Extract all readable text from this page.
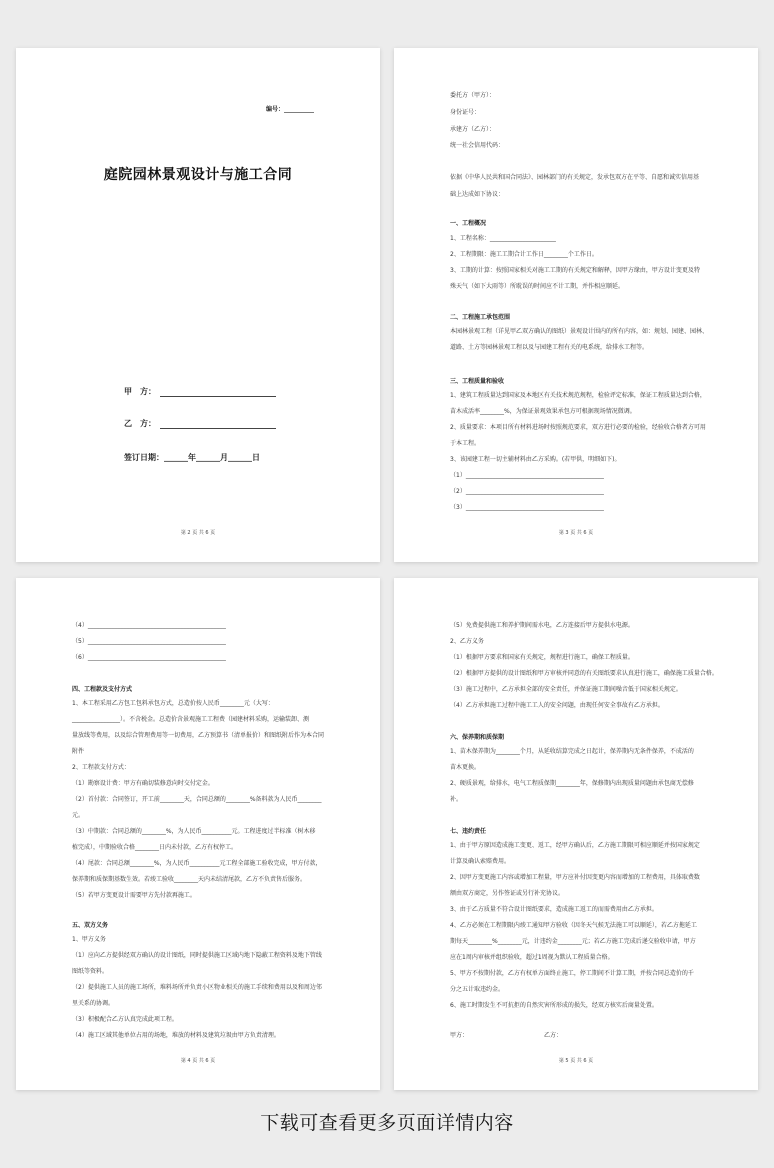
编号：__________
庭院园林景观设计与施工合同
甲　方：
乙　方：
签订日期：______年______月______日
第 2 页 共 6 页
委托方（甲方）：
身份证号：
承建方（乙方）：
统一社会信用代码：
依据《中华人民共和国合同法》、园林部门的有关规定，发承包双方在平等、自愿和诚实信用基
础上达成如下协议：
一、工程概况
1、工程名称：______________________
2、工程期限：施工工期合计工作日________个工作日。
3、工期的计算：按照国家相关对施工工期的有关规定和解释，因甲方缘由，甲方设计变更及特
殊天气（如下大雨等）所耽误的时间应不计工期，并作相应顺延。
二、工程施工承包范围
本园林景观工程（详见甲乙双方确认的图纸）景观设计围内的所有内容，如：规划、园建、园林、
道路、土方等园林景观工程以及与园建工程有关的电系统，给排水工程等。
三、工程质量和验收
1、建筑工程质量达到国家及本地区有关技术规范规程，检验评定标准，保证工程质量达到合格，
苗木成活率________%，为保证景观效果承包方可根据现场情况微调。
2、质量要求：本项目所有材料进场时按照规范要求，双方进行必要的检验，经验收合格者方可用
于本工程。
3、该园建工程一切主辅材料由乙方采购。(若甲供，明细如下)。
（1）______________________________________________
（2）______________________________________________
（3）______________________________________________
第 3 页 共 6 页
（4）______________________________________________
（5）______________________________________________
（6）______________________________________________
四、工程款及支付方式
1、本工程采用乙方包工包料承包方式，总造价按人民币________元（大写：
________________）。不含税金。总造价含景观施工工程费（园建材料采购，运输装卸、测
量放线等费用，以及综合管理费用等一切费用，乙方预算书（清单报价）和图纸附后作为本合同
附件
2、工程款支付方式：
（1）勘察设计费：甲方有确切装修意向时交付定金。
（2）首付款：合同签订，开工前________天，合同总额的________%备料款为人民币________
元。
（3）中期款：合同总额的________%，为人民币__________元。工程进度过半标准（树木移
植完成），中期验收合格________日内未付款，乙方有权停工。
（4）尾款：合同总额________%，为人民币__________元工程全部施工验收完成，甲方付款，
保养期和质保期基数生效。若竣工验收________天内未结清尾款，乙方不负责售后服务。
（5）若甲方变更设计需要甲方先付款再施工。
五、双方义务
1、甲方义务
（1）应向乙方提供经双方确认的设计图纸，同时提供施工区域内地下隐蔽工程资料及地下管线
图纸等资料。
（2）提供施工人员的施工场所，堆料场所并负责小区物业相关的施工手续和费用以及和周边邻
里关系的协调。
（3）积极配合乙方认真完成此项工程。
（4）施工区域其他单位占用的场地，堆放的材料及建筑垃圾由甲方负责清理。
第 4 页 共 6 页
（5）免费提供施工和养护期间需水电，乙方连接后甲方提供水电源。
2、乙方义务
（1）根据甲方要求和国家有关规定，规程进行施工，确保工程质量。
（2）根据甲方提供的设计图纸和甲方审核并同意的有关图纸要求认真进行施工，确保施工质量合格。
（3）施工过程中，乙方承担全部的安全责任，并保证施工期间噪音低于国家相关规定。
（4）乙方承担施工过程中施工工人的安全问题，由现任何安全事故有乙方承担。
六、保养期和质保期
1、苗木保养期为________个月，从延收结算完成之日起计，保养期内无条件保养，不成活的
苗木更换。
2、硬质景观，给排水，电气工程质保期________年，保修期内出现质量问题由承包商无偿修
补。
七、违约责任
1、由于甲方原因造成施工变更、返工，经甲方确认后，乙方施工期限可相应顺延并按国家规定
计算及确认索赔费用。
2、因甲方变更施工内容或增加工程量，甲方应补付因变更内容而增加的工程费用，具体取费数
额由双方商定，另作签证或另行补充协议。
3、由于乙方质量不符合设计图纸要求，造成施工返工的而需费用由乙方承担。
4、乙方必须在工程期限内竣工通知甲方验收（因冬天气候无法施工可以顺延），若乙方拖延工
期每天________%________元，计违约金________元；若乙方施工完成后递交验收申请，甲方
应在1周内审核并组织验收，超过1周视为默认工程质量合格。
5、甲方不按期付款，乙方有权单方面终止施工，停工期间不计算工期，并按合同总造价的千
分之五计取违约金。
6、施工时期发生不可抗拒的自然灾害所形成的损失，经双方核实后商量处置。
甲方：	乙方：
第 5 页 共 6 页
下载可查看更多页面详情内容
